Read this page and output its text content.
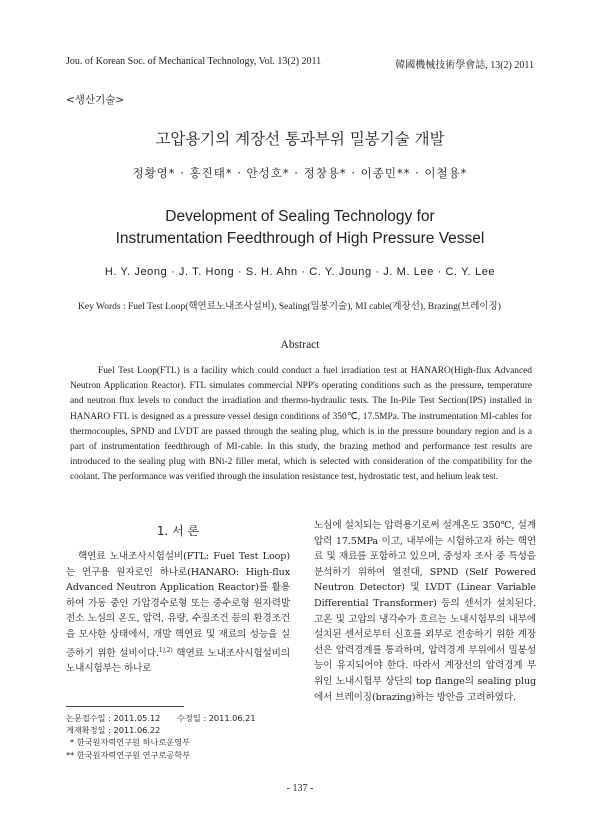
Jou. of Korean Soc. of Mechanical Technology, Vol. 13(2) 2011	韓國機械技術學會誌, 13(2) 2011
<생산기술>
고압용기의 계장선 통과부위 밀봉기술 개발
정황영* · 홍진태* · 안성호* · 정창용* · 이종민** · 이철용*
Development of Sealing Technology for
Instrumentation Feedthrough of High Pressure Vessel
H. Y. Jeong · J. T. Hong · S. H. Ahn · C. Y. Joung · J. M. Lee · C. Y. Lee
Key Words : Fuel Test Loop(핵연료노내조사설비), Sealing(밀봉기술), MI cable(계장선), Brazing(브레이징)
Abstract
Fuel Test Loop(FTL) is a facility which could conduct a fuel irradiation test at HANARO(High-flux Advanced Neutron Application Reactor). FTL simulates commercial NPP's operating conditions such as the pressure, temperature and neutron flux levels to conduct the irradiation and thermo-hydraulic tests. The In-Pile Test Section(IPS) installed in HANARO FTL is designed as a pressure vessel design conditions of 350℃, 17.5MPa. The instrumentation MI-cables for thermocouples, SPND and LVDT are passed through the sealing plug, which is in the pressure boundary region and is a part of instrumentation feedthrough of MI-cable. In this study, the brazing method and performance test results are introduced to the sealing plug with BNi-2 filler metal, which is selected with consideration of the compatibility for the coolant. The performance was verified through the insulation resistance test, hydrostatic test, and helium leak test.
1. 서 론
핵연료 노내조사시험설비(FTL: Fuel Test Loop)는 연구용 원자로인 하나로(HANARO: High-flux Advanced Neutron Application Reactor)를 활용하여 가동 중인 가압경수로형 또는 중수로형 원자력발전소 노심의 온도, 압력, 유량, 수질조건 등의 환경조건을 모사한 상태에서, 개발 핵연료 및 재료의 성능을 실증하기 위한 설비이다.$^{1),2)}$ 핵연료 노내조사시험설비의 노내시험부는 하나로
노심에 설치되는 압력용기로써 설계온도 350℃, 설계압력 17.5MPa 이고, 내부에는 시험하고자 하는 핵연료 및 재료를 포함하고 있으며, 중성자 조사 중 특성을 분석하기 위하여 열전대, SPND (Self Powered Neutron Detector) 및 LVDT (Linear Variable Differential Transformer) 등의 센서가 설치된다. 고온 및 고압의 냉각수가 흐르는 노내시험부의 내부에 설치된 센서로부터 신호를 외부로 전송하기 위한 계장선은 압력경계를 통과하며, 압력경계 부위에서 밀봉성능이 유지되어야 한다. 따라서 계장선의 압력경계 부위인 노내시험부 상단의 top flange의 sealing plug에서 브레이징(brazing)하는 방안을 고려하였다.
논문접수일 : 2011.05.12 수정일 : 2011.06.21
게재확정일 : 2011.06.22
* 한국원자력연구원 하나로운영부
** 한국원자력연구원 연구로공학부
- 137 -
